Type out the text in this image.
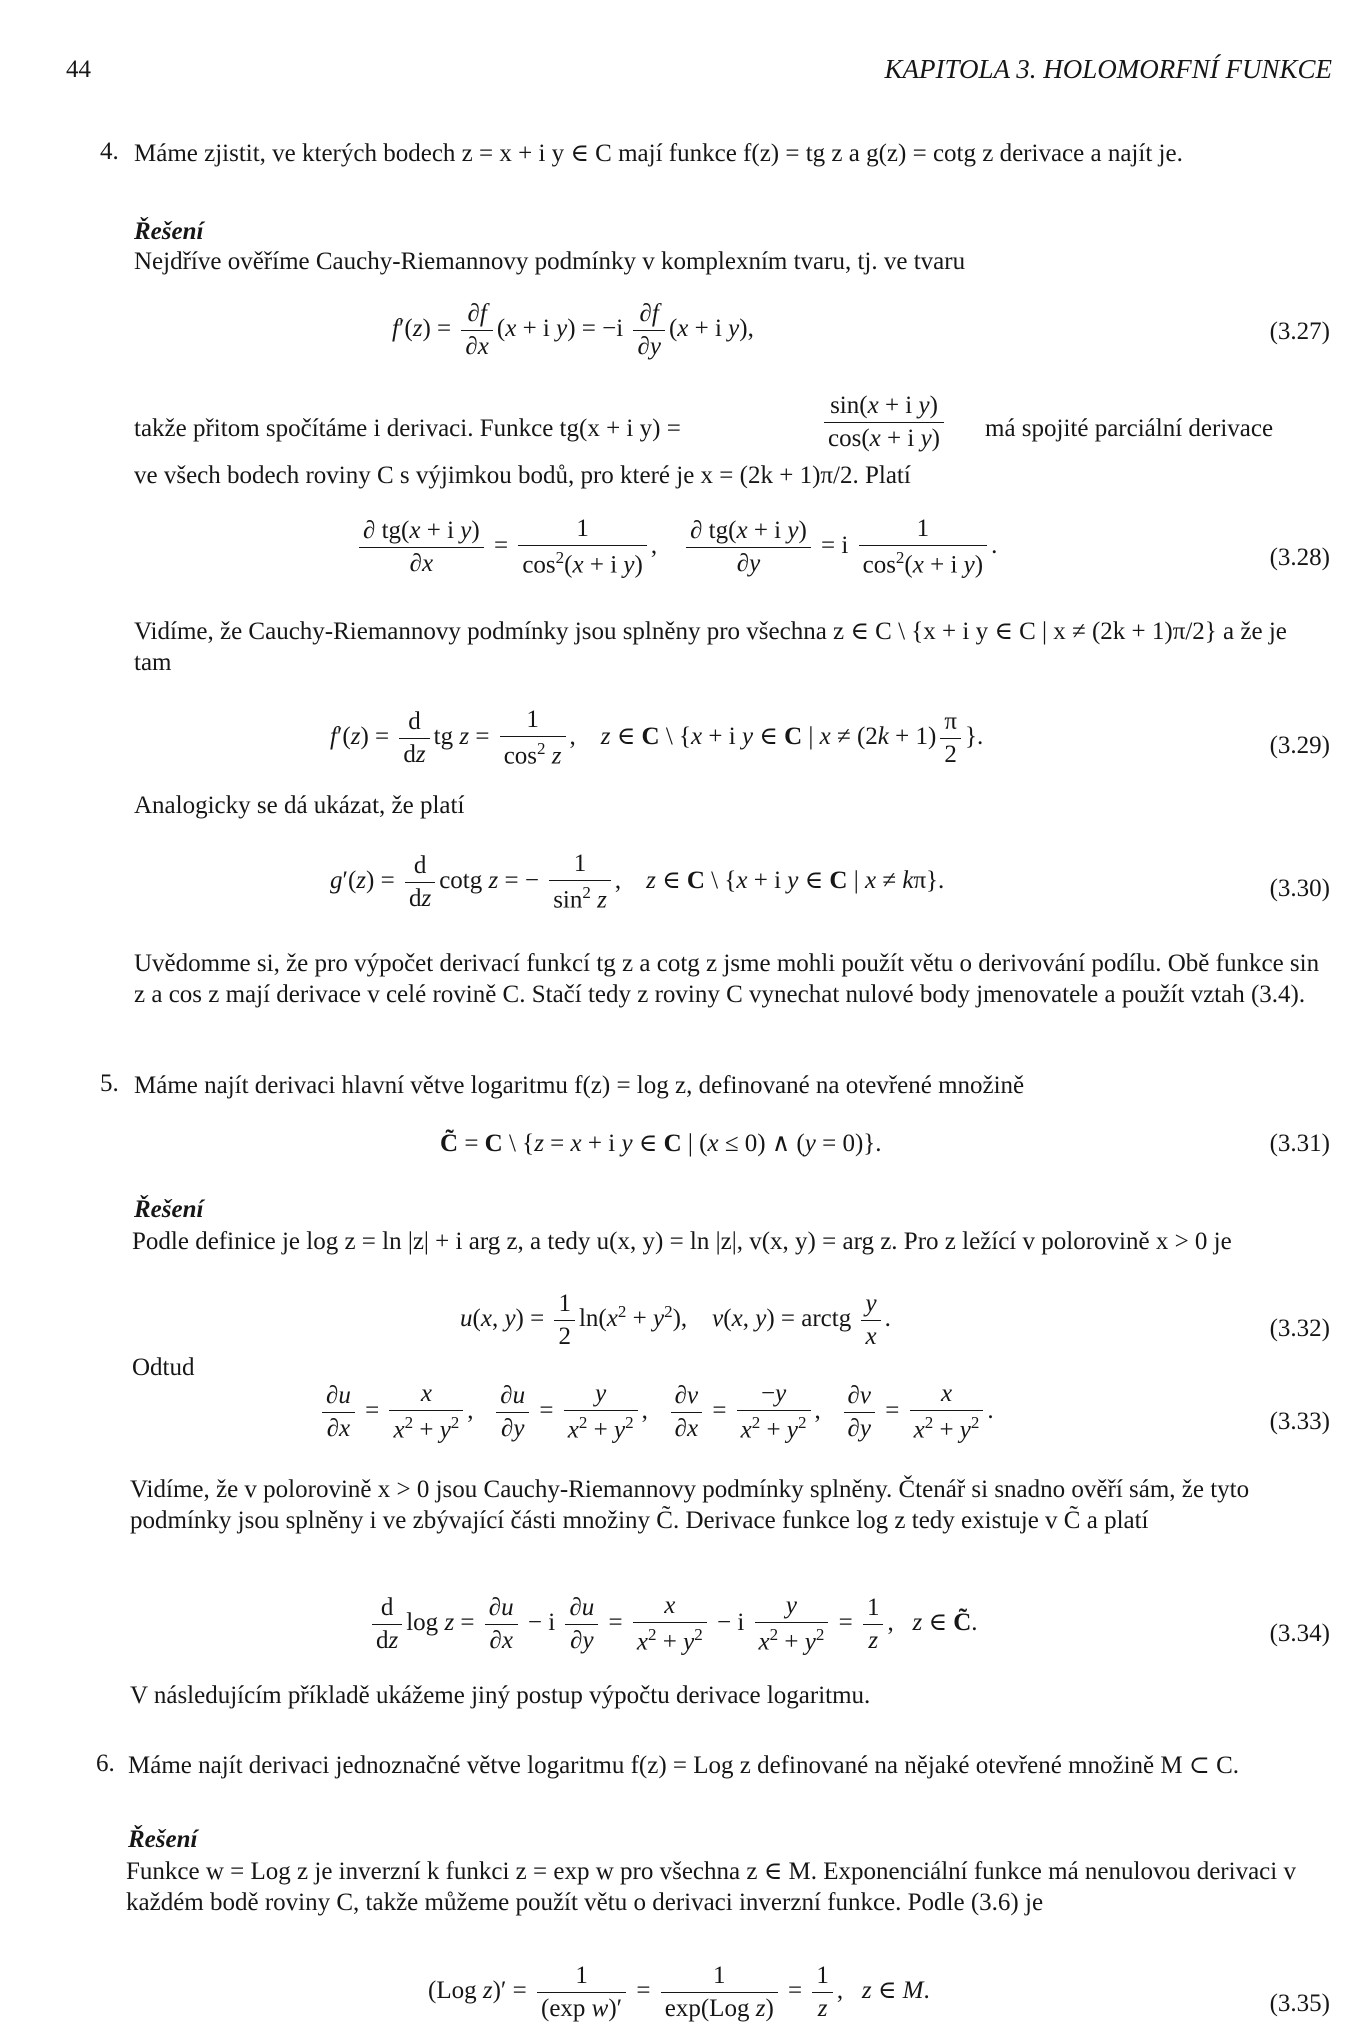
44	KAPITOLA 3. HOLOMORFNÍ FUNKCE
4. Máme zjistit, ve kterých bodech z = x + i y ∈ C mají funkce f(z) = tg z a g(z) = cotg z derivace a najít je.
Řešení
Nejdříve ověříme Cauchy-Riemannovy podmínky v komplexním tvaru, tj. ve tvaru
$f'(z) = \frac{\partial f}{\partial x} (x + i$ $y) = -i \frac{\partial f}{\partial y} (x + i$ y),	(3.27)
takže přitom spočítáme i derivaci. Funkce tg(x + i y) =	$\frac{\text{sin(x + i y)}}{\text{cos(x + i y)}}$ má spojité parciální derivace
ve všech bodech roviny C s výjimkou bodů, pro které je x = (2k + 1)π/2. Platí
$\frac{\text{∂ tg(x + i y)}}{\partial x} = \frac{1}{\cos^2(x + i y)}$ , $\frac{\text{∂ tg(x + i y)}}{\partial y} = i \frac{1}{\cos^2(x + i y)}$ .	(3.28)
Vidíme, že Cauchy-Riemannovy podmínky jsou splněny pro všechna z ∈ C \ {x + i y ∈ C | x ≠ (2k + 1)π/2} a že je tam
$f'(z) = \frac{d}{dz}$ tg $z = \frac{1}{\cos^2 z}$ ,    z ∈ C \ {x + i y ∈ C | $x \ne (2k + 1) \frac{\pi}{2}$ }.	(3.29)
Analogicky se dá ukázat, že platí
$g'(z) = \frac{d}{dz}$ cotg z = − $\frac{1}{\sin^2 z}$ ,    z ∈ C \ {x + i y ∈ C | x ≠ kπ}.	(3.30)
Uvědomme si, že pro výpočet derivací funkcí tg z a cotg z jsme mohli použít větu o derivování podílu. Obě funkce sin z a cos z mají derivace v celé rovině C. Stačí tedy z roviny C vynechat nulové body jmenovatele a použít vztah (3.4).
5. Máme najít derivaci hlavní větve logaritmu f(z) = log z, definované na otevřené množině
C̃ = C \ {z = x + i y ∈ C | (x ≤ 0) ∧ (y = 0)}.	(3.31)
Řešení
Podle definice je log z = ln |z| + i arg z, a tedy u(x, y) = ln |z|, v(x, y) = arg z. Pro z ležící v polorovině x > 0 je
u(x, $y) = \frac{1}{2} \ln(x^2 + y^2)$,    v(x, y) = arctg $\frac{y}{x}$ .	(3.32)
Odtud
$\frac{\partial u}{\partial x} = \frac{x}{x^2 + y^2}$ , $\frac{\partial u}{\partial y} = \frac{y}{x^2 + y^2}$ , $\frac{\partial v}{\partial x} = \frac{-y}{x^2 + y^2}$ , $\frac{\partial v}{\partial y} = \frac{x}{x^2 + y^2}$ .	(3.33)
Vidíme, že v polorovině x > 0 jsou Cauchy-Riemannovy podmínky splněny. Čtenář si snadno ověří sám, že tyto podmínky jsou splněny i ve zbývající části množiny C̃. Derivace funkce log z tedy existuje v C̃ a platí
$\frac{d}{dz}$ $\log z = \frac{\partial u}{\partial x} - i \frac{\partial u}{\partial y} = \frac{x}{x^2 + y^2} - i \frac{y}{x^2 + y^2} = \frac{1}{z}$ ,   z ∈ C̃.	(3.34)
V následujícím příkladě ukážeme jiný postup výpočtu derivace logaritmu.
6. Máme najít derivaci jednoznačné větve logaritmu f(z) = Log z definované na nějaké otevřené množině M ⊂ C.
Řešení
Funkce w = Log z je inverzní k funkci z = exp w pro všechna z ∈ M. Exponenciální funkce má nenulovou derivaci v každém bodě roviny C, takže můžeme použít větu o derivaci inverzní funkce. Podle (3.6) je
(Log $z)' = \frac{1}{\text{(exp w)′}} = \frac{1}{\text{exp(Log z)}} = \frac{1}{z}$ ,   z ∈ M.	(3.35)
